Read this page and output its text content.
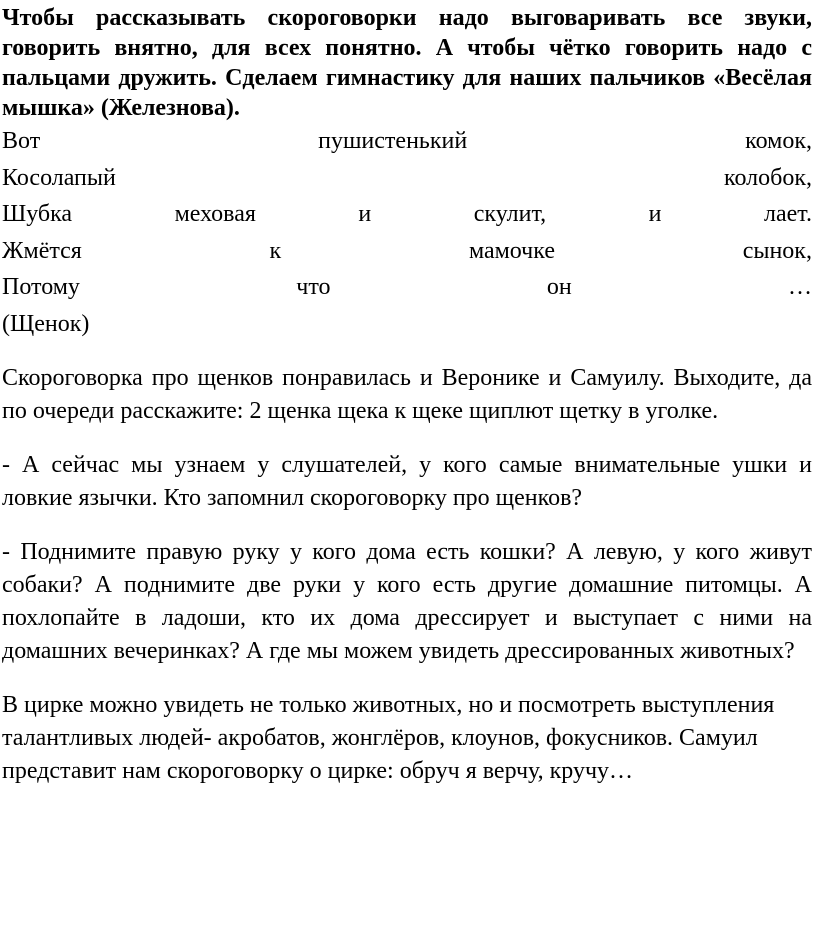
Чтобы рассказывать скороговорки надо выговаривать все звуки, говорить внятно, для всех понятно. А чтобы чётко говорить надо с пальцами дружить. Сделаем гимнастику для наших пальчиков «Весёлая мышка» (Железнова).

Вот	пушистенький	комок,
Косолапый	колобок,
Шубка	меховая	и	скулит,	и	лает.
Жмётся	к	мамочке	сынок,
Потому	что	он	…
(Щенок)

Скороговорка про щенков понравилась и Веронике и Самуилу. Выходите, да по очереди расскажите: 2 щенка щека к щеке щиплют щетку в уголке.

- А сейчас мы узнаем у слушателей, у кого самые внимательные ушки и ловкие язычки. Кто запомнил скороговорку про щенков?

- Поднимите правую руку у кого дома есть кошки? А левую, у кого живут собаки? А поднимите две руки у кого есть другие домашние питомцы. А похлопайте в ладоши, кто их дома дрессирует и выступает с ними на домашних вечеринках? А где мы можем увидеть дрессированных животных?

В цирке можно увидеть не только животных, но и посмотреть выступления талантливых людей- акробатов, жонглёров, клоунов, фокусников. Самуил представит нам скороговорку о цирке: обруч я верчу, кручу…
